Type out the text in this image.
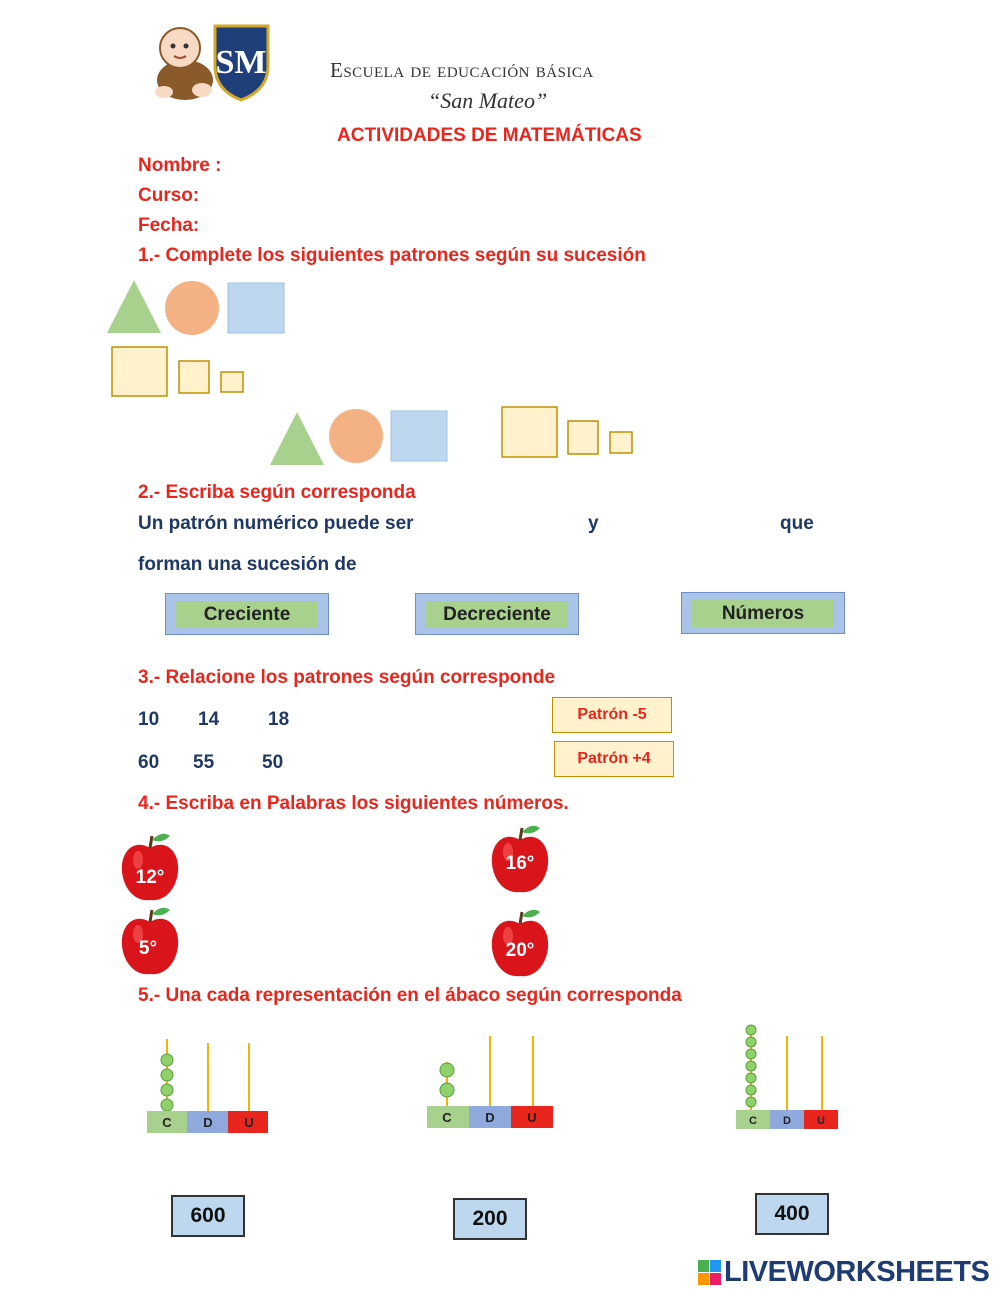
SM	Escuela de educación básica
“San Mateo”
ACTIVIDADES DE MATEMÁTICAS
Nombre :
Curso:
Fecha:
1.- Complete los siguientes patrones según su sucesión
2.- Escriba según corresponda
Un patrón numérico puede ser	y	que
forman una sucesión de
Creciente	Decreciente	Números
3.- Relacione los patrones según corresponde
10 14	18
60 55	50
Patrón -5
Patrón +4
4.- Escriba en Palabras los siguientes números.
12°
16°
5°	20°
5.- Una cada representación en el ábaco según corresponda
C D U	C	D	U	C D U
600	200	400
LIVEWORKSHEETS
